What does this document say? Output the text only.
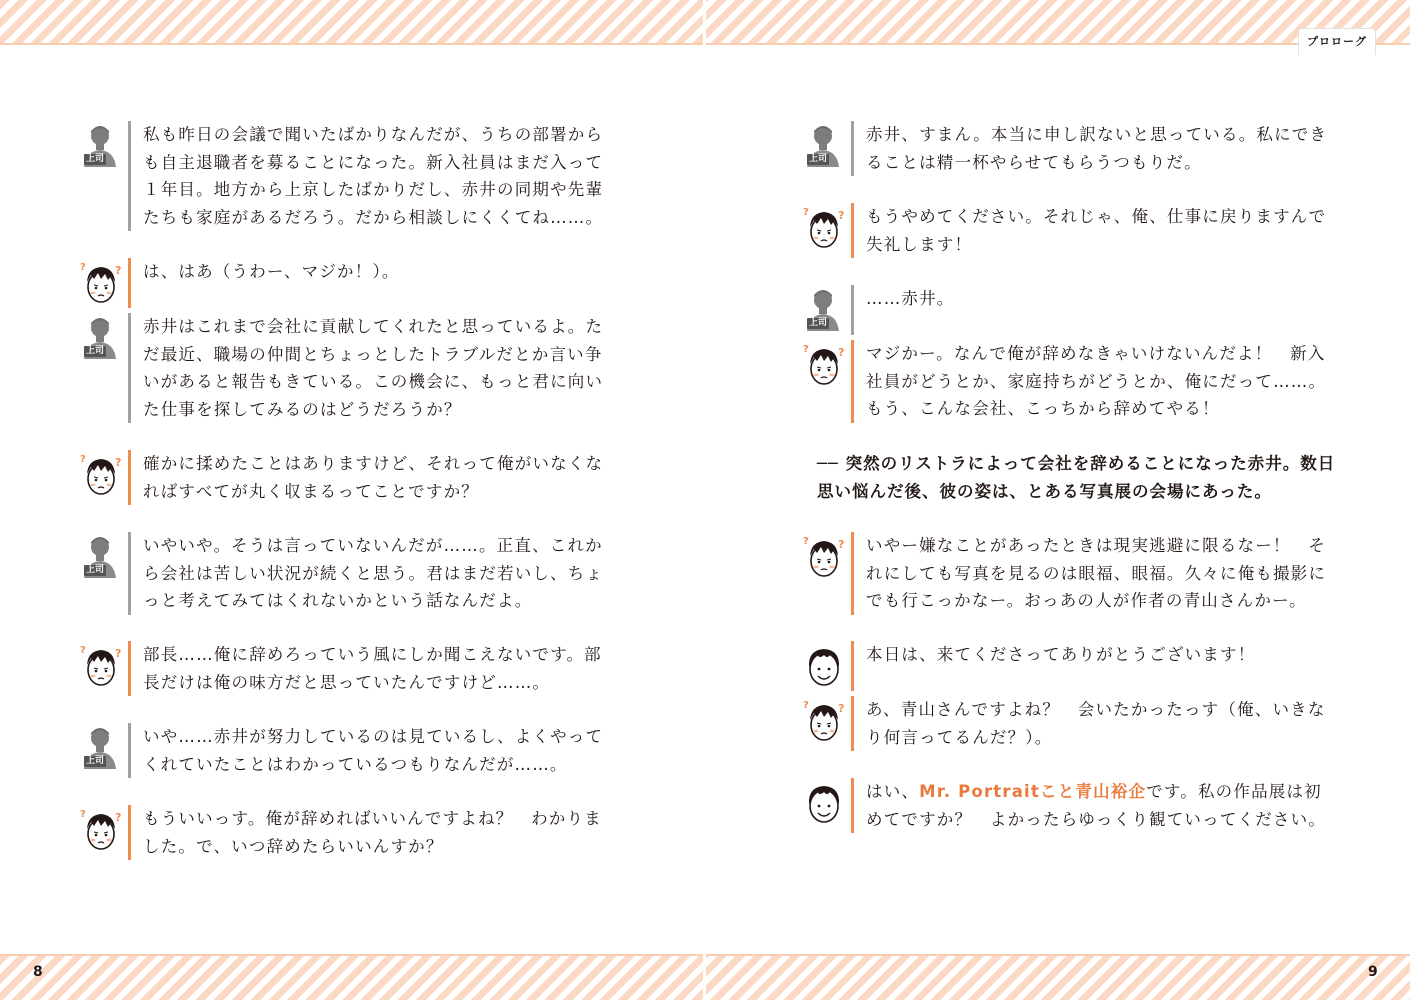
プロローグ
8	9
上司
私も昨日の会議で聞いたばかりなんだが、うちの部署からも自主退職者を募ることになった。新入社員はまだ入って１年目。地方から上京したばかりだし、赤井の同期や先輩たちも家庭があるだろう。だから相談しにくくてね……。
?	? は、はあ（うわー、マジか！）。
上司
赤井はこれまで会社に貢献してくれたと思っているよ。ただ最近、職場の仲間とちょっとしたトラブルだとか言い争いがあると報告もきている。この機会に、もっと君に向いた仕事を探してみるのはどうだろうか？
?	? 確かに揉めたことはありますけど、それって俺がいなくなればすべてが丸く収まるってことですか？
上司
いやいや。そうは言っていないんだが……。正直、これから会社は苦しい状況が続くと思う。君はまだ若いし、ちょっと考えてみてはくれないかという話なんだよ。
?	? 部長……俺に辞めろっていう風にしか聞こえないです。部長だけは俺の味方だと思っていたんですけど……。
上司
いや……赤井が努力しているのは見ているし、よくやってくれていたことはわかっているつもりなんだが……。
?	? もういいっす。俺が辞めればいいんですよね？　わかりました。で、いつ辞めたらいいんすか？
上司
赤井、すまん。本当に申し訳ないと思っている。私にできることは精一杯やらせてもらうつもりだ。
?	? もうやめてください。それじゃ、俺、仕事に戻りますんで失礼します！
上司
……赤井。
?	? マジかー。なんで俺が辞めなきゃいけないんだよ！　新入社員がどうとか、家庭持ちがどうとか、俺にだって……。もう、こんな会社、こっちから辞めてやる！
── 突然のリストラによって会社を辞めることになった赤井。数日思い悩んだ後、彼の姿は、とある写真展の会場にあった。
?	? いやー嫌なことがあったときは現実逃避に限るなー！　それにしても写真を見るのは眼福、眼福。久々に俺も撮影にでも行こっかなー。おっあの人が作者の青山さんかー。
本日は、来てくださってありがとうございます！
?	? あ、青山さんですよね？　会いたかったっす（俺、いきなり何言ってるんだ？）。
はい、Mr. Portraitこと青山裕企です。私の作品展は初めてですか？　よかったらゆっくり観ていってください。
